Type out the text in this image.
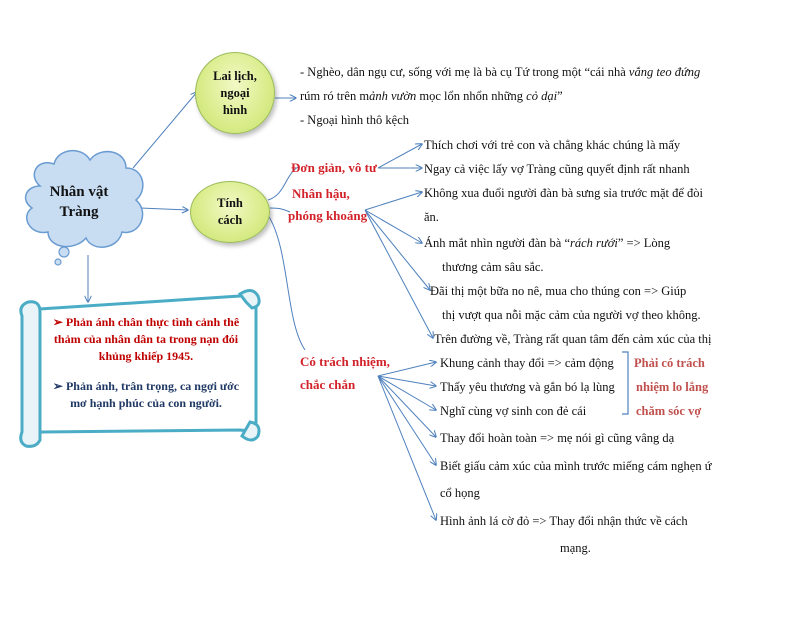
Nhân vật
Tràng
Lai lịch,
ngoại
hình
Tính
cách
- Nghèo, dân ngụ cư, sống với mẹ là bà cụ Tứ trong một “cái nhà vắng teo đứng
rúm ró trên mảnh vườn mọc lổn nhổn những cỏ dại”
- Ngoại hình thô kệch
Đơn giản, vô tư
Nhân hậu,
phóng khoáng
Có trách nhiệm,
chắc chắn
Thích chơi với trẻ con và chẳng khác chúng là mấy
Ngay cả việc lấy vợ Tràng cũng quyết định rất nhanh
Không xua đuổi người đàn bà sưng sỉa trước mặt để đòi
ăn.
Ánh mắt nhìn người đàn bà “rách rưới” => Lòng
thương cảm sâu sắc.
Đãi thị một bữa no nê, mua cho thúng con => Giúp
thị vượt qua nỗi mặc cảm của người vợ theo không.
Trên đường về, Tràng rất quan tâm đến cảm xúc của thị
Khung cảnh thay đổi => cảm động
Thấy yêu thương và gắn bó lạ lùng
Nghĩ cùng vợ sinh con đẻ cái
Thay đổi hoàn toàn => mẹ nói gì cũng vâng dạ
Biết giấu cảm xúc của mình trước miếng cám nghẹn ứ
cổ họng
Hình ảnh lá cờ đỏ => Thay đổi nhận thức về cách
mạng.
Phải có trách
nhiệm lo lắng
chăm sóc vợ
➢ Phản ánh chân thực tình cảnh thê thảm của nhân dân ta trong nạn đói khủng khiếp 1945.
➢ Phản ánh, trân trọng, ca ngợi ước mơ hạnh phúc của con người.
